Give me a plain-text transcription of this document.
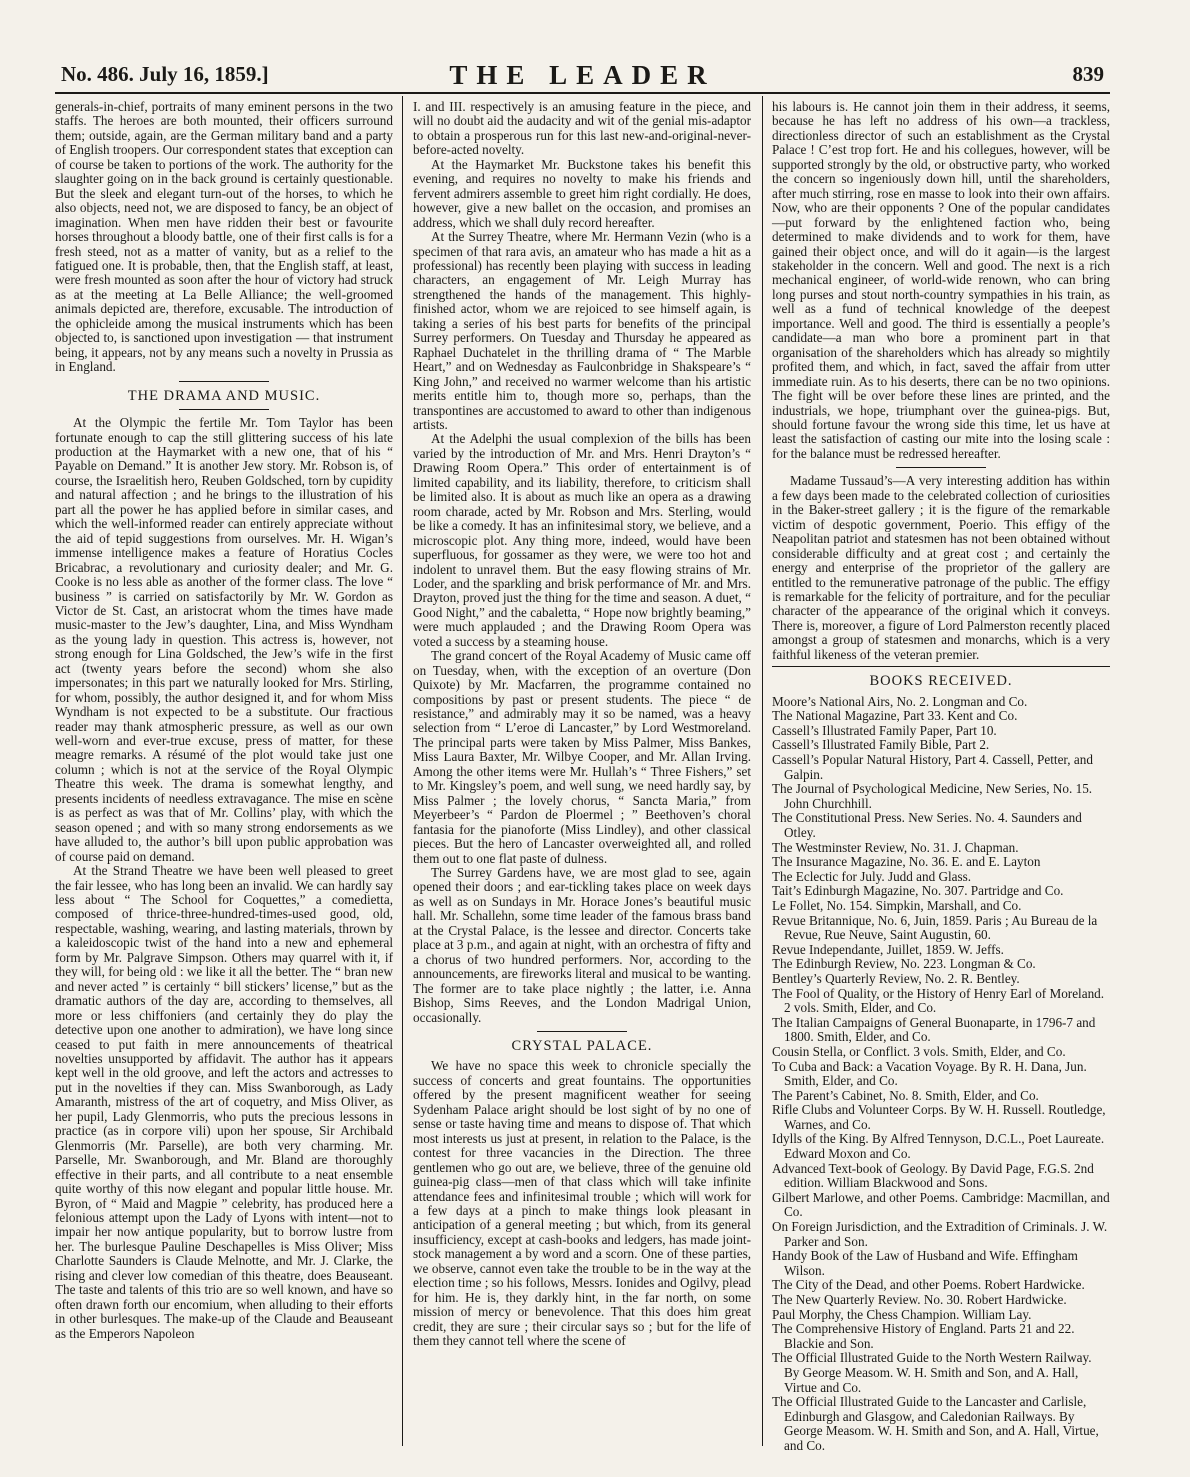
No. 486. July 16, 1859.]	THE LEADER	839

generals-in-chief, portraits of many eminent persons in the two staffs. The heroes are both mounted, their officers surround them; outside, again, are the German military band and a party of English troopers. Our correspondent states that exception can of course be taken to portions of the work. The authority for the slaughter going on in the back ground is certainly questionable. But the sleek and elegant turn-out of the horses, to which he also objects, need not, we are disposed to fancy, be an object of imagination. When men have ridden their best or favourite horses throughout a bloody battle, one of their first calls is for a fresh steed, not as a matter of vanity, but as a relief to the fatigued one. It is probable, then, that the English staff, at least, were fresh mounted as soon after the hour of victory had struck as at the meeting at La Belle Alliance; the well-groomed animals depicted are, therefore, excusable. The introduction of the ophicleide among the musical instruments which has been objected to, is sanctioned upon investigation — that instrument being, it appears, not by any means such a novelty in Prussia as in England.

THE DRAMA AND MUSIC.

At the Olympic the fertile Mr. Tom Taylor has been fortunate enough to cap the still glittering success of his late production at the Haymarket with a new one, that of his “ Payable on Demand.” It is another Jew story. Mr. Robson is, of course, the Israelitish hero, Reuben Goldsched, torn by cupidity and natural affection ; and he brings to the illustration of his part all the power he has applied before in similar cases, and which the well-informed reader can entirely appreciate without the aid of tepid suggestions from ourselves. Mr. H. Wigan’s immense intelligence makes a feature of Horatius Cocles Bricabrac, a revolutionary and curiosity dealer; and Mr. G. Cooke is no less able as another of the former class. The love “ business ” is carried on satisfactorily by Mr. W. Gordon as Victor de St. Cast, an aristocrat whom the times have made music-master to the Jew’s daughter, Lina, and Miss Wyndham as the young lady in question. This actress is, however, not strong enough for Lina Goldsched, the Jew’s wife in the first act (twenty years before the second) whom she also impersonates; in this part we naturally looked for Mrs. Stirling, for whom, possibly, the author designed it, and for whom Miss Wyndham is not expected to be a substitute. Our fractious reader may thank atmospheric pressure, as well as our own well-worn and ever-true excuse, press of matter, for these meagre remarks. A résumé of the plot would take just one column ; which is not at the service of the Royal Olympic Theatre this week. The drama is somewhat lengthy, and presents incidents of needless extravagance. The mise en scène is as perfect as was that of Mr. Collins’ play, with which the season opened ; and with so many strong endorsements as we have alluded to, the author’s bill upon public approbation was of course paid on demand.

At the Strand Theatre we have been well pleased to greet the fair lessee, who has long been an invalid. We can hardly say less about “ The School for Coquettes,” a comedietta, composed of thrice-three-hundred-times-used good, old, respectable, washing, wearing, and lasting materials, thrown by a kaleidoscopic twist of the hand into a new and ephemeral form by Mr. Palgrave Simpson. Others may quarrel with it, if they will, for being old : we like it all the better. The “ bran new and never acted ” is certainly “ bill stickers’ license,” but as the dramatic authors of the day are, according to themselves, all more or less chiffoniers (and certainly they do play the detective upon one another to admiration), we have long since ceased to put faith in mere announcements of theatrical novelties unsupported by affidavit. The author has it appears kept well in the old groove, and left the actors and actresses to put in the novelties if they can. Miss Swanborough, as Lady Amaranth, mistress of the art of coquetry, and Miss Oliver, as her pupil, Lady Glenmorris, who puts the precious lessons in practice (as in corpore vili) upon her spouse, Sir Archibald Glenmorris (Mr. Parselle), are both very charming. Mr. Parselle, Mr. Swanborough, and Mr. Bland are thoroughly effective in their parts, and all contribute to a neat ensemble quite worthy of this now elegant and popular little house. Mr. Byron, of “ Maid and Magpie ” celebrity, has produced here a felonious attempt upon the Lady of Lyons with intent—not to impair her now antique popularity, but to borrow lustre from her. The burlesque Pauline Deschapelles is Miss Oliver; Miss Charlotte Saunders is Claude Melnotte, and Mr. J. Clarke, the rising and clever low comedian of this theatre, does Beauseant. The taste and talents of this trio are so well known, and have so often drawn forth our encomium, when alluding to their efforts in other burlesques. The make-up of the Claude and Beauseant as the Emperors Napoleon

I. and III. respectively is an amusing feature in the piece, and will no doubt aid the audacity and wit of the genial mis-adaptor to obtain a prosperous run for this last new-and-original-never-before-acted novelty.

At the Haymarket Mr. Buckstone takes his benefit this evening, and requires no novelty to make his friends and fervent admirers assemble to greet him right cordially. He does, however, give a new ballet on the occasion, and promises an address, which we shall duly record hereafter.

At the Surrey Theatre, where Mr. Hermann Vezin (who is a specimen of that rara avis, an amateur who has made a hit as a professional) has recently been playing with success in leading characters, an engagement of Mr. Leigh Murray has strengthened the hands of the management. This highly-finished actor, whom we are rejoiced to see himself again, is taking a series of his best parts for benefits of the principal Surrey performers. On Tuesday and Thursday he appeared as Raphael Duchatelet in the thrilling drama of “ The Marble Heart,” and on Wednesday as Faulconbridge in Shakspeare’s “ King John,” and received no warmer welcome than his artistic merits entitle him to, though more so, perhaps, than the transpontines are accustomed to award to other than indigenous artists.

At the Adelphi the usual complexion of the bills has been varied by the introduction of Mr. and Mrs. Henri Drayton’s “ Drawing Room Opera.” This order of entertainment is of limited capability, and its liability, therefore, to criticism shall be limited also. It is about as much like an opera as a drawing room charade, acted by Mr. Robson and Mrs. Sterling, would be like a comedy. It has an infinitesimal story, we believe, and a microscopic plot. Any thing more, indeed, would have been superfluous, for gossamer as they were, we were too hot and indolent to unravel them. But the easy flowing strains of Mr. Loder, and the sparkling and brisk performance of Mr. and Mrs. Drayton, proved just the thing for the time and season. A duet, “ Good Night,” and the cabaletta, “ Hope now brightly beaming,” were much applauded ; and the Drawing Room Opera was voted a success by a steaming house.

The grand concert of the Royal Academy of Music came off on Tuesday, when, with the exception of an overture (Don Quixote) by Mr. Macfarren, the programme contained no compositions by past or present students. The piece “ de resistance,” and admirably may it so be named, was a heavy selection from “ L’eroe di Lancaster,” by Lord Westmoreland. The principal parts were taken by Miss Palmer, Miss Bankes, Miss Laura Baxter, Mr. Wilbye Cooper, and Mr. Allan Irving. Among the other items were Mr. Hullah’s “ Three Fishers,” set to Mr. Kingsley’s poem, and well sung, we need hardly say, by Miss Palmer ; the lovely chorus, “ Sancta Maria,” from Meyerbeer’s “ Pardon de Ploermel ; ” Beethoven’s choral fantasia for the pianoforte (Miss Lindley), and other classical pieces. But the hero of Lancaster overweighted all, and rolled them out to one flat paste of dulness.

The Surrey Gardens have, we are most glad to see, again opened their doors ; and ear-tickling takes place on week days as well as on Sundays in Mr. Horace Jones’s beautiful music hall. Mr. Schallehn, some time leader of the famous brass band at the Crystal Palace, is the lessee and director. Concerts take place at 3 p.m., and again at night, with an orchestra of fifty and a chorus of two hundred performers. Nor, according to the announcements, are fireworks literal and musical to be wanting. The former are to take place nightly ; the latter, i.e. Anna Bishop, Sims Reeves, and the London Madrigal Union, occasionally.

CRYSTAL PALACE.

We have no space this week to chronicle specially the success of concerts and great fountains. The opportunities offered by the present magnificent weather for seeing Sydenham Palace aright should be lost sight of by no one of sense or taste having time and means to dispose of. That which most interests us just at present, in relation to the Palace, is the contest for three vacancies in the Direction. The three gentlemen who go out are, we believe, three of the genuine old guinea-pig class—men of that class which will take infinite attendance fees and infinitesimal trouble ; which will work for a few days at a pinch to make things look pleasant in anticipation of a general meeting ; but which, from its general insufficiency, except at cash-books and ledgers, has made joint-stock management a by word and a scorn. One of these parties, we observe, cannot even take the trouble to be in the way at the election time ; so his follows, Messrs. Ionides and Ogilvy, plead for him. He is, they darkly hint, in the far north, on some mission of mercy or benevolence. That this does him great credit, they are sure ; their circular says so ; but for the life of them they cannot tell where the scene of

his labours is. He cannot join them in their address, it seems, because he has left no address of his own—a trackless, directionless director of such an establishment as the Crystal Palace ! C’est trop fort. He and his collegues, however, will be supported strongly by the old, or obstructive party, who worked the concern so ingeniously down hill, until the shareholders, after much stirring, rose en masse to look into their own affairs. Now, who are their opponents ? One of the popular candidates —put forward by the enlightened faction who, being determined to make dividends and to work for them, have gained their object once, and will do it again—is the largest stakeholder in the concern. Well and good. The next is a rich mechanical engineer, of world-wide renown, who can bring long purses and stout north-country sympathies in his train, as well as a fund of technical knowledge of the deepest importance. Well and good. The third is essentially a people’s candidate—a man who bore a prominent part in that organisation of the shareholders which has already so mightily profited them, and which, in fact, saved the affair from utter immediate ruin. As to his deserts, there can be no two opinions. The fight will be over before these lines are printed, and the industrials, we hope, triumphant over the guinea-pigs. But, should fortune favour the wrong side this time, let us have at least the satisfaction of casting our mite into the losing scale : for the balance must be redressed hereafter.

Madame Tussaud’s—A very interesting addition has within a few days been made to the celebrated collection of curiosities in the Baker-street gallery ; it is the figure of the remarkable victim of despotic government, Poerio. This effigy of the Neapolitan patriot and statesmen has not been obtained without considerable difficulty and at great cost ; and certainly the energy and enterprise of the proprietor of the gallery are entitled to the remunerative patronage of the public. The effigy is remarkable for the felicity of portraiture, and for the peculiar character of the appearance of the original which it conveys. There is, moreover, a figure of Lord Palmerston recently placed amongst a group of statesmen and monarchs, which is a very faithful likeness of the veteran premier.

BOOKS RECEIVED.

Moore’s National Airs, No. 2. Longman and Co.

The National Magazine, Part 33. Kent and Co.

Cassell’s Illustrated Family Paper, Part 10.

Cassell’s Illustrated Family Bible, Part 2.

Cassell’s Popular Natural History, Part 4. Cassell, Petter, and Galpin.

The Journal of Psychological Medicine, New Series, No. 15. John Churchhill.

The Constitutional Press. New Series. No. 4. Saunders and Otley.

The Westminster Review, No. 31. J. Chapman.

The Insurance Magazine, No. 36. E. and E. Layton

The Eclectic for July. Judd and Glass.

Tait’s Edinburgh Magazine, No. 307. Partridge and Co.

Le Follet, No. 154. Simpkin, Marshall, and Co.

Revue Britannique, No. 6, Juin, 1859. Paris ; Au Bureau de la Revue, Rue Neuve, Saint Augustin, 60.

Revue Independante, Juillet, 1859. W. Jeffs.

The Edinburgh Review, No. 223. Longman & Co.

Bentley’s Quarterly Review, No. 2. R. Bentley.

The Fool of Quality, or the History of Henry Earl of Moreland. 2 vols. Smith, Elder, and Co.

The Italian Campaigns of General Buonaparte, in 1796-7 and 1800. Smith, Elder, and Co.

Cousin Stella, or Conflict. 3 vols. Smith, Elder, and Co.

To Cuba and Back: a Vacation Voyage. By R. H. Dana, Jun. Smith, Elder, and Co.

The Parent’s Cabinet, No. 8. Smith, Elder, and Co.

Rifle Clubs and Volunteer Corps. By W. H. Russell. Routledge, Warnes, and Co.

Idylls of the King. By Alfred Tennyson, D.C.L., Poet Laureate. Edward Moxon and Co.

Advanced Text-book of Geology. By David Page, F.G.S. 2nd edition. William Blackwood and Sons.

Gilbert Marlowe, and other Poems. Cambridge: Macmillan, and Co.

On Foreign Jurisdiction, and the Extradition of Criminals. J. W. Parker and Son.

Handy Book of the Law of Husband and Wife. Effingham Wilson.

The City of the Dead, and other Poems. Robert Hardwicke.

The New Quarterly Review. No. 30. Robert Hardwicke.

Paul Morphy, the Chess Champion. William Lay.

The Comprehensive History of England. Parts 21 and 22. Blackie and Son.

The Official Illustrated Guide to the North Western Railway. By George Measom. W. H. Smith and Son, and A. Hall, Virtue and Co.

The Official Illustrated Guide to the Lancaster and Carlisle, Edinburgh and Glasgow, and Caledonian Railways. By George Measom. W. H. Smith and Son, and A. Hall, Virtue, and Co.
